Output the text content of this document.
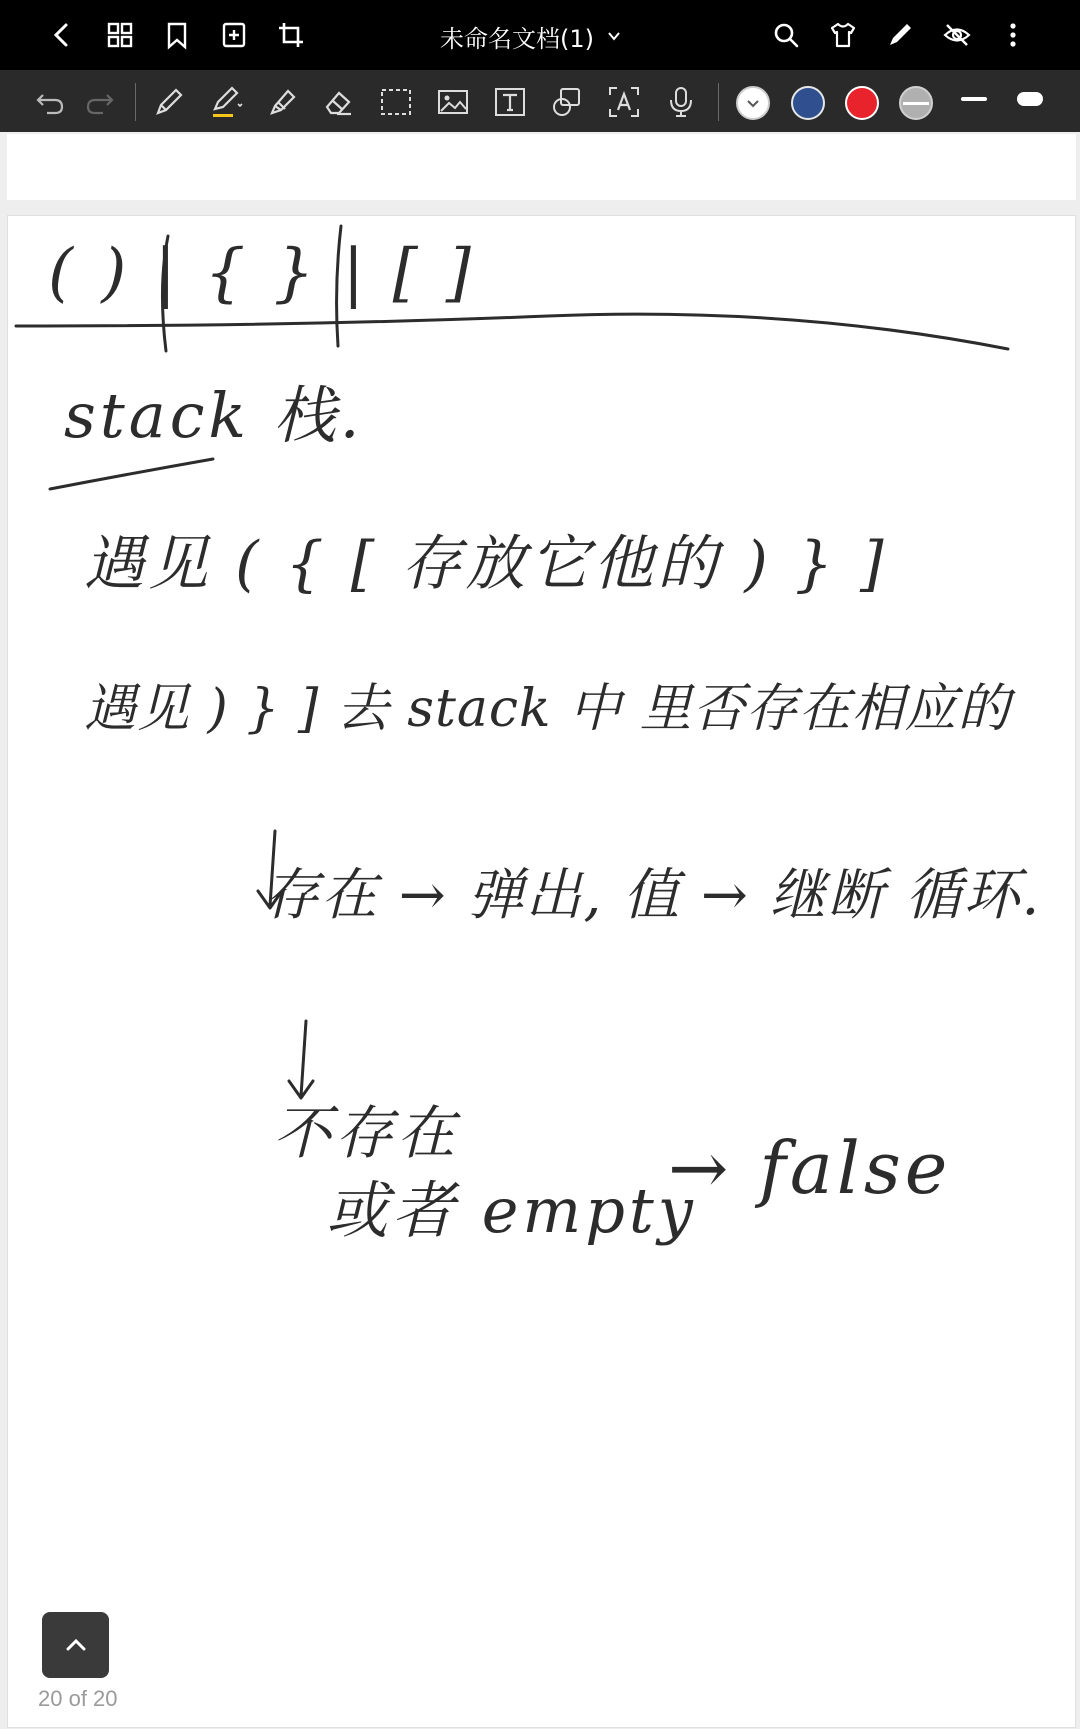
未命名文档(1)
( ) | { } | [ ]
stack 栈.
遇见 ( { [ 存放它他的 ) } ]
遇见 ) } ] 去 stack 中 里否存在相应的
存在 → 弹出, 值 → 继断 循环.
不存在
或者 empty
→ false
20 of 20
